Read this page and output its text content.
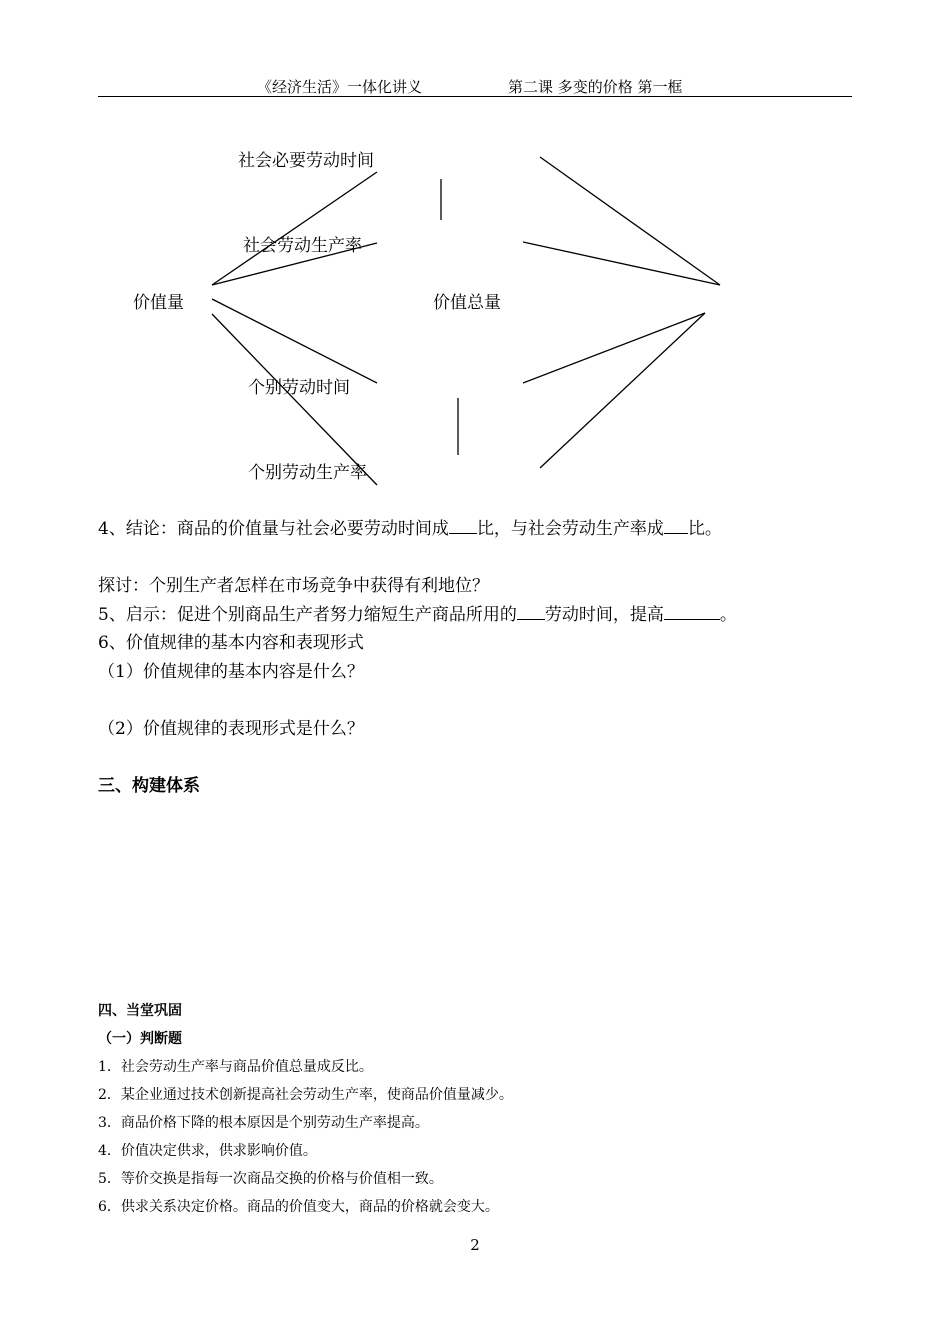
《经济生活》一体化讲义	第二课 多变的价格 第一框
社会必要劳动时间
社会劳动生产率
价值量	价值总量
个别劳动时间
个别劳动生产率
4、结论：商品的价值量与社会必要劳动时间成 比，与社会劳动生产率成 比。
探讨：个别生产者怎样在市场竞争中获得有利地位？
5、启示：促进个别商品生产者努力缩短生产商品所用的 劳动时间，提高	。
6、价值规律的基本内容和表现形式
（1）价值规律的基本内容是什么？
（2）价值规律的表现形式是什么？
三、构建体系
四、当堂巩固
（一）判断题
1．社会劳动生产率与商品价值总量成反比。
2．某企业通过技术创新提高社会劳动生产率，使商品价值量减少。
3．商品价格下降的根本原因是个别劳动生产率提高。
4．价值决定供求，供求影响价值。
5．等价交换是指每一次商品交换的价格与价值相一致。
6．供求关系决定价格。商品的价值变大，商品的价格就会变大。
2
